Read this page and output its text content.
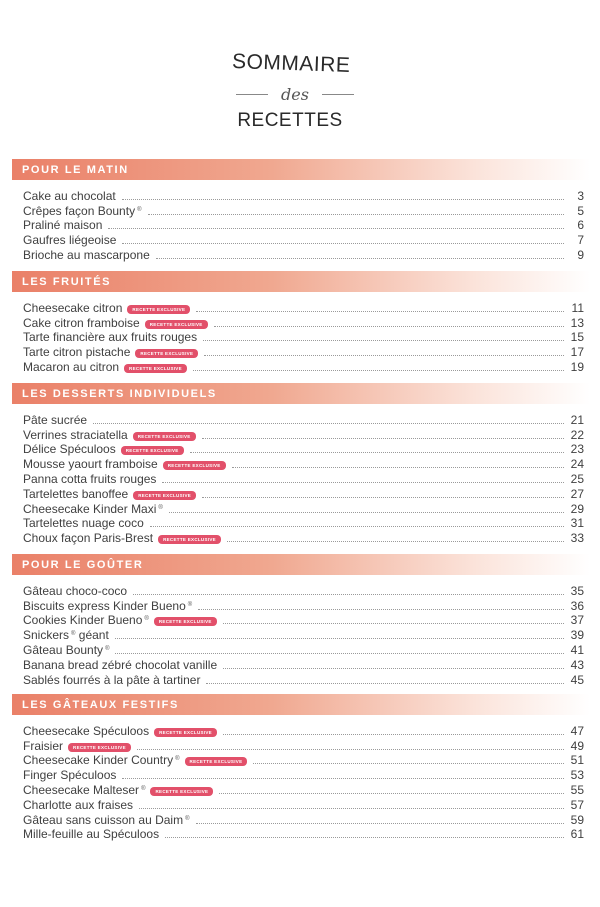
SOMMAIRE
des
RECETTES
POUR LE MATIN
Cake au chocolat	3
Crêpes façon Bounty ®	5
Praliné maison	6
Gaufres liégeoise	7
Brioche au mascarpone	9
LES FRUITÉS
Cheesecake citron RECETTE EXCLUSIVE	11
Cake citron framboise RECETTE EXCLUSIVE	13
Tarte financière aux fruits rouges	15
Tarte citron pistache RECETTE EXCLUSIVE	17
Macaron au citron RECETTE EXCLUSIVE	19
LES DESSERTS INDIVIDUELS
Pâte sucrée	21
Verrines straciatella RECETTE EXCLUSIVE	22
Délice Spéculoos RECETTE EXCLUSIVE	23
Mousse yaourt framboise RECETTE EXCLUSIVE	24
Panna cotta fruits rouges	25
Tartelettes banoffee RECETTE EXCLUSIVE	27
Cheesecake Kinder Maxi ®	29
Tartelettes nuage coco	31
Choux façon Paris-Brest RECETTE EXCLUSIVE	33
POUR LE GOÛTER
Gâteau choco-coco	35
Biscuits express Kinder Bueno ®	36
Cookies Kinder Bueno ® RECETTE EXCLUSIVE	37
Snickers ® géant	39
Gâteau Bounty ®	41
Banana bread zébré chocolat vanille	43
Sablés fourrés à la pâte à tartiner	45
LES GÂTEAUX FESTIFS
Cheesecake Spéculoos RECETTE EXCLUSIVE	47
Fraisier RECETTE EXCLUSIVE	49
Cheesecake Kinder Country ® RECETTE EXCLUSIVE	51
Finger Spéculoos	53
Cheesecake Malteser ® RECETTE EXCLUSIVE	55
Charlotte aux fraises	57
Gâteau sans cuisson au Daim ®	59
Mille-feuille au Spéculoos	61
